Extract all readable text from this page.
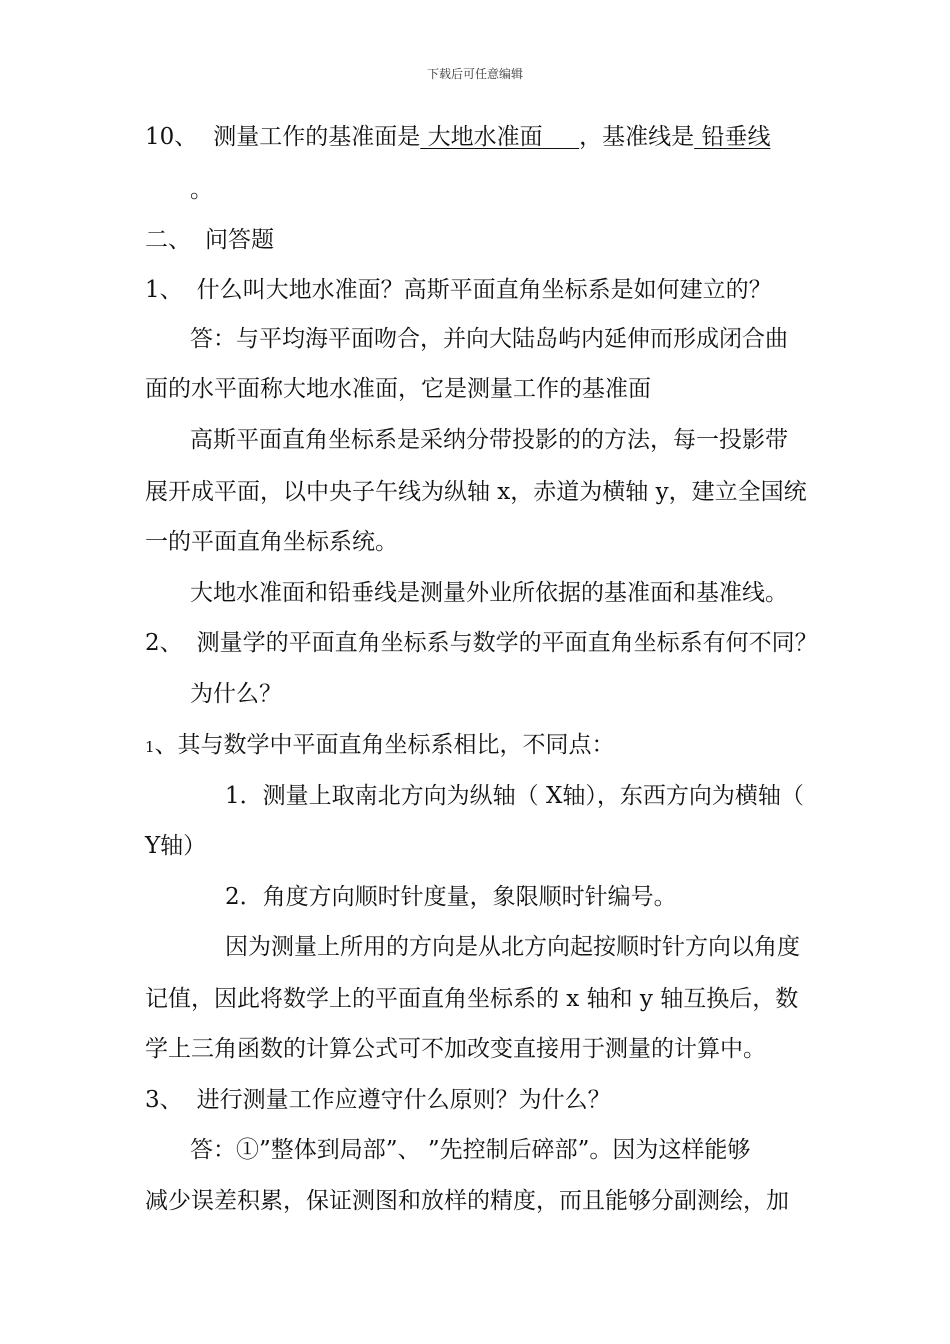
下载后可任意编辑
10、 测量工作的基准面是 大地水准面 ，基准线是 铅垂线
。
二、 问答题
1、 什么叫大地水准面？高斯平面直角坐标系是如何建立的？
答：与平均海平面吻合，并向大陆岛屿内延伸而形成闭合曲
面的水平面称大地水准面，它是测量工作的基准面
高斯平面直角坐标系是采纳分带投影的的方法，每一投影带
展开成平面，以中央子午线为纵轴 x，赤道为横轴 y，建立全国统
一的平面直角坐标系统。
大地水准面和铅垂线是测量外业所依据的基准面和基准线。
2、 测量学的平面直角坐标系与数学的平面直角坐标系有何不同？
为什么？
1、其与数学中平面直角坐标系相比，不同点：
1．测量上取南北方向为纵轴（ X轴），东西方向为横轴（
Y轴）
2．角度方向顺时针度量，象限顺时针编号。
因为测量上所用的方向是从北方向起按顺时针方向以角度
记值，因此将数学上的平面直角坐标系的 x 轴和 y 轴互换后，数
学上三角函数的计算公式可不加改变直接用于测量的计算中。
3、 进行测量工作应遵守什么原则？为什么？
答：①”整体到局部”、 ”先控制后碎部”。因为这样能够
减少误差积累，保证测图和放样的精度，而且能够分副测绘，加
